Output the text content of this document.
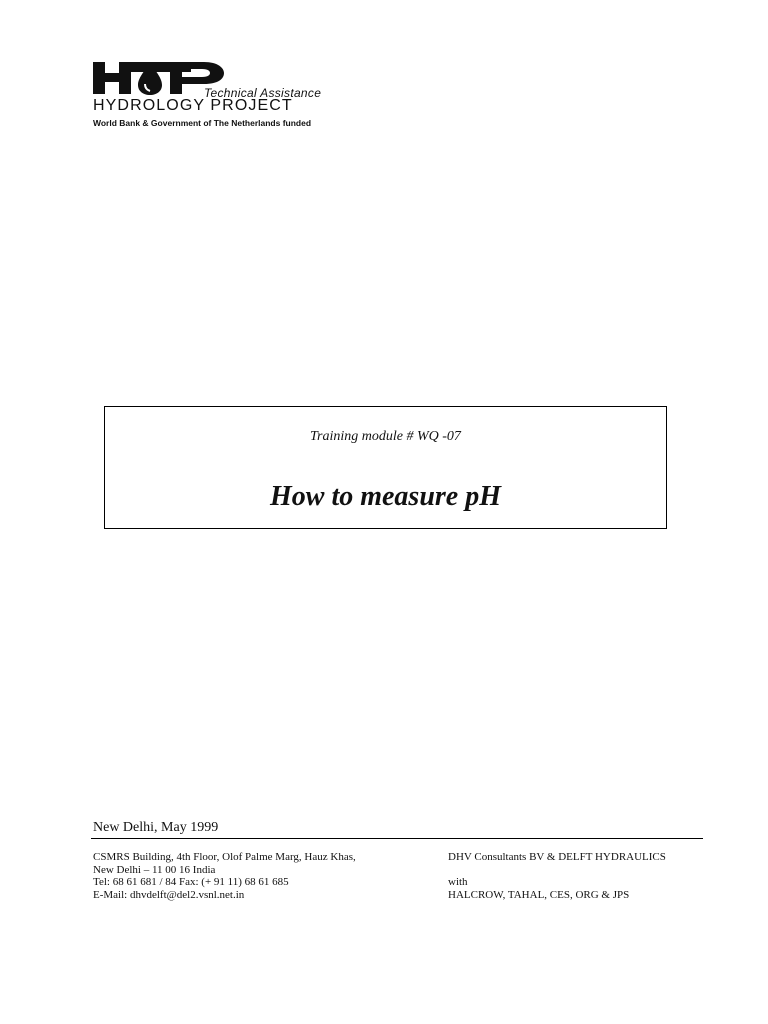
Technical Assistance
HYDROLOGY PROJECT
World Bank & Government of The Netherlands funded
Training module # WQ -07
How to measure pH
New Delhi, May 1999
CSMRS Building, 4th Floor, Olof Palme Marg, Hauz Khas,
New Delhi – 11 00 16 India
Tel: 68 61 681 / 84 Fax: (+ 91 11) 68 61 685
E-Mail: dhvdelft@del2.vsnl.net.in
DHV Consultants BV & DELFT HYDRAULICS

with
HALCROW, TAHAL, CES, ORG & JPS
